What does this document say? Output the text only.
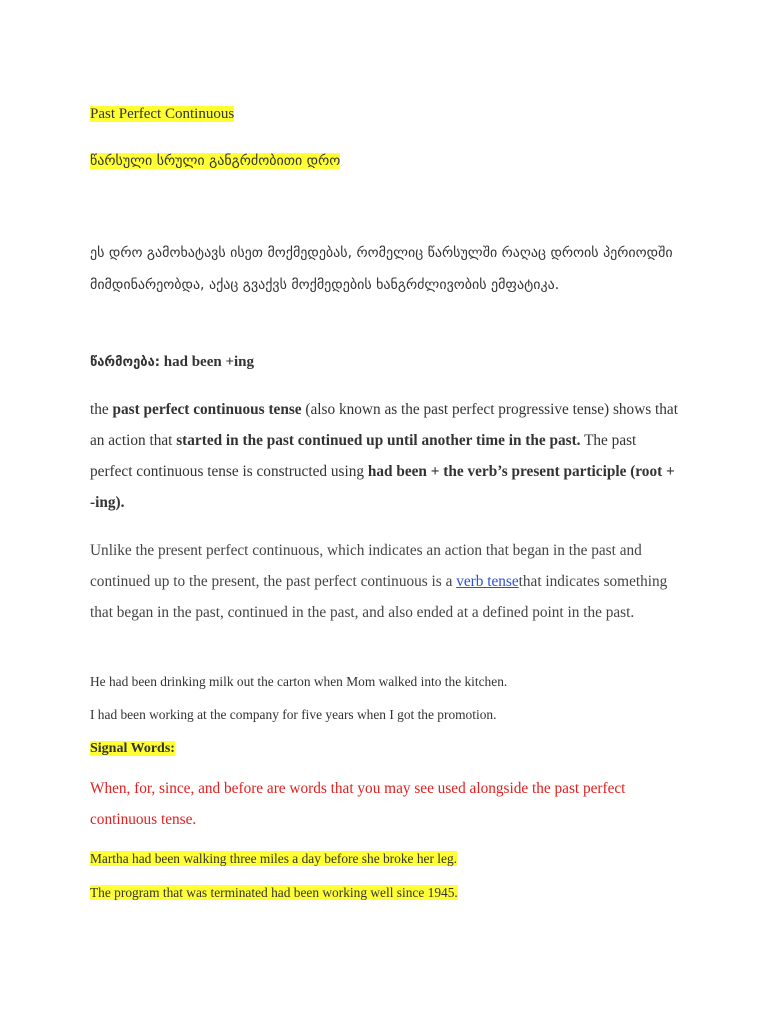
Past Perfect Continuous
წარსული სრული განგრძობითი დრო
ეს დრო გამოხატავს ისეთ მოქმედებას, რომელიც წარსულში რაღაც დროის პერიოდში მიმდინარეობდა, აქაც გვაქვს მოქმედების ხანგრძლივობის ემფატიკა.
წარმოება: had been +ing
the past perfect continuous tense (also known as the past perfect progressive tense) shows that an action that started in the past continued up until another time in the past. The past perfect continuous tense is constructed using had been + the verb’s present participle (root + -ing).
Unlike the present perfect continuous, which indicates an action that began in the past and continued up to the present, the past perfect continuous is a verb tensethat indicates something that began in the past, continued in the past, and also ended at a defined point in the past.
He had been drinking milk out the carton when Mom walked into the kitchen.
I had been working at the company for five years when I got the promotion.
Signal Words:
When, for, since, and before are words that you may see used alongside the past perfect continuous tense.
Martha had been walking three miles a day before she broke her leg.
The program that was terminated had been working well since 1945.
